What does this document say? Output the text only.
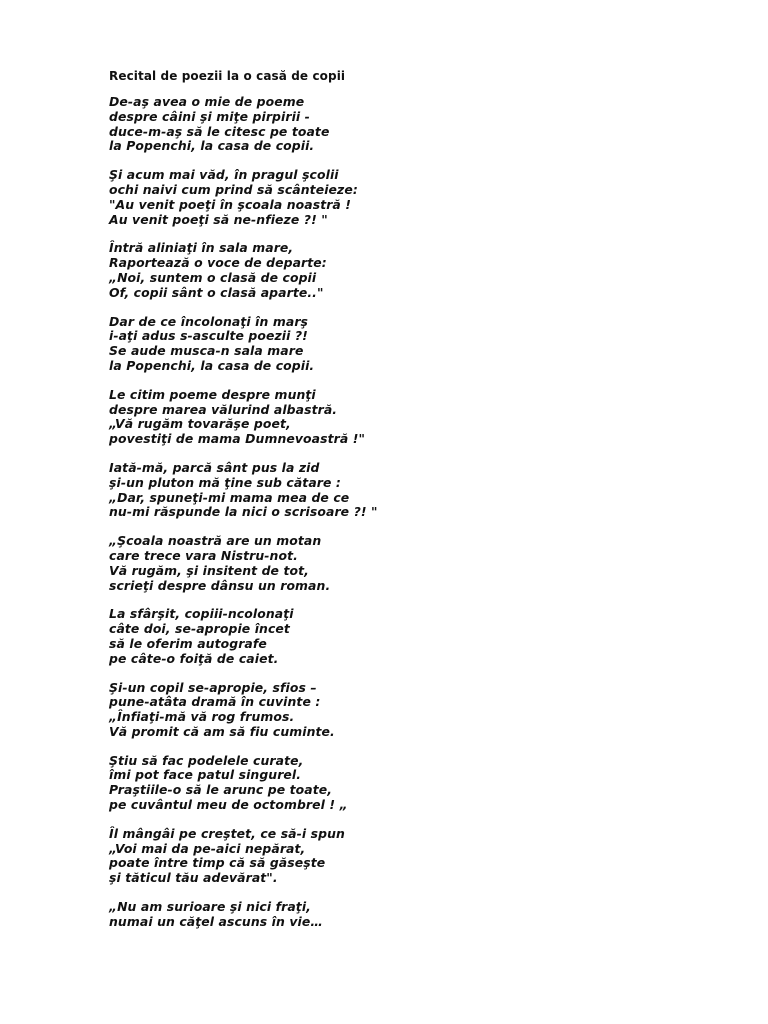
Recital de poezii la o casă de copii
De-aş avea o mie de poeme
despre câini şi miţe pirpirii -
duce-m-aş să le citesc pe toate
la Popenchi, la casa de copii.
Şi acum mai văd, în pragul şcolii
ochi naivi cum prind să scânteieze:
"Au venit poeţi în şcoala noastră !
Au venit poeţi să ne-nfieze ?! "
Întră aliniaţi în sala mare,
Raportează o voce de departe:
„Noi, suntem o clasă de copii
Of, copii sânt o clasă aparte.."
Dar de ce încolonaţi în marş
i-aţi adus s-asculte poezii ?!
Se aude musca-n sala mare
la Popenchi, la casa de copii.
Le citim poeme despre munţi
despre marea vălurind albastră.
„Vă rugăm tovarăşe poet,
povestiţi de mama Dumnevoastră !"
Iată-mă, parcă sânt pus la zid
şi-un pluton mă ţine sub cătare :
„Dar, spuneţi-mi mama mea de ce
nu-mi răspunde la nici o scrisoare ?! "
„Şcoala noastră are un motan
care trece vara Nistru-not.
Vă rugăm, şi insitent de tot,
scrieţi despre dânsu un roman.
La sfârşit, copiii-ncolonaţi
câte doi, se-apropie încet
să le oferim autografe
pe câte-o foiţă de caiet.
Şi-un copil se-apropie, sfios –
pune-atâta dramă în cuvinte :
„Înfiaţi-mă vă rog frumos.
Vă promit că am să fiu cuminte.
Ştiu să fac podelele curate,
îmi pot face patul singurel.
Praştiile-o să le arunc pe toate,
pe cuvântul meu de octombrel ! „
Îl mângâi pe creştet, ce să-i spun
„Voi mai da pe-aici nepărat,
poate între timp că să găseşte
şi tăticul tău adevărat".
„Nu am surioare şi nici fraţi,
numai un căţel ascuns în vie…
